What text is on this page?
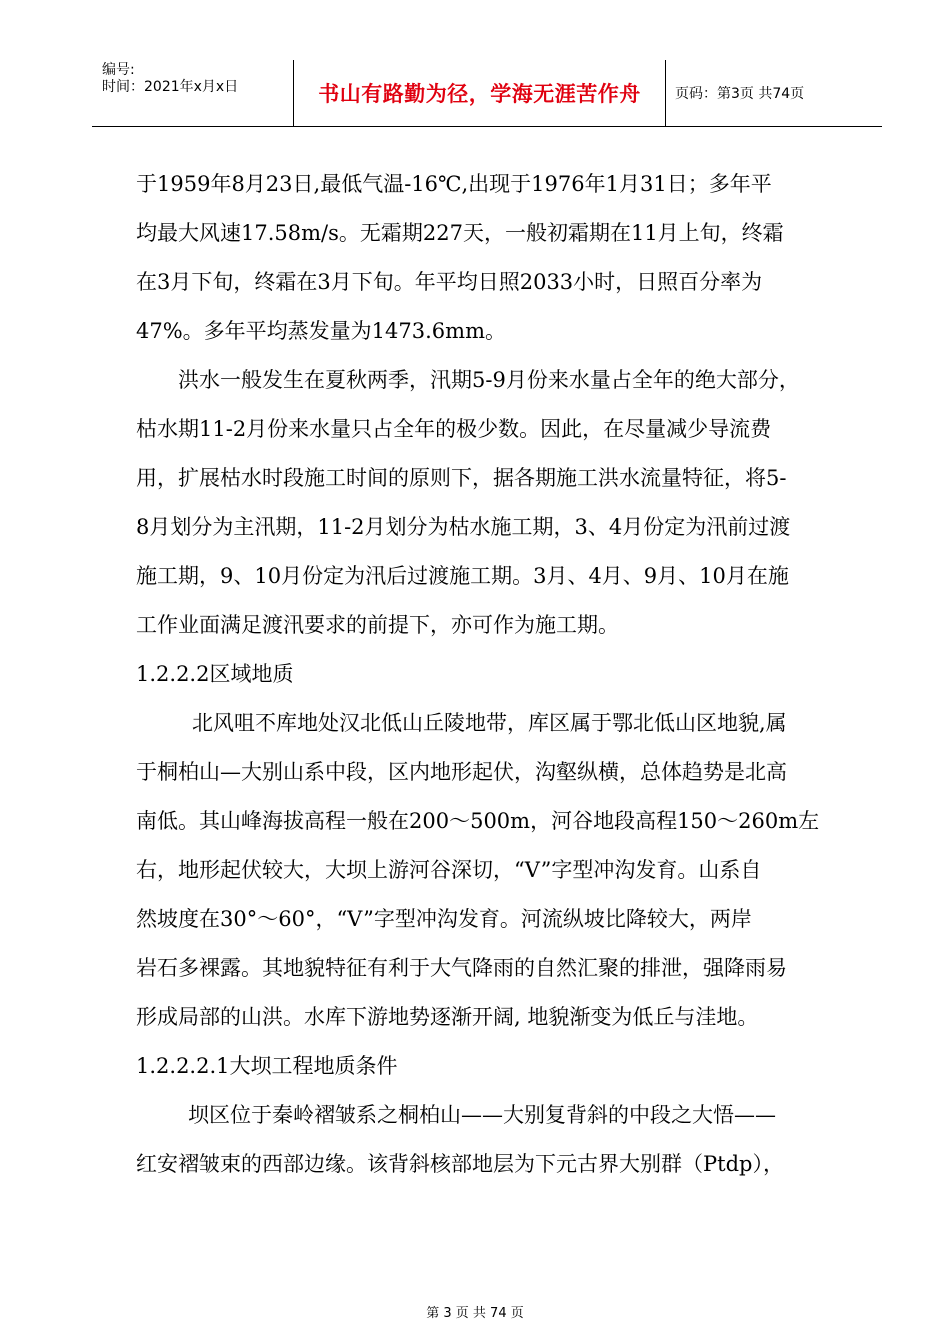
编号:
时间：2021年x月x日	书山有路勤为径，学海无涯苦作舟	页码：第3页 共74页
于1959年8月23日,最低气温-16℃,出现于1976年1月31日；多年平
均最大风速17.58m/s。无霜期227天，一般初霜期在11月上旬，终霜
在3月下旬，终霜在3月下旬。年平均日照2033小时，日照百分率为
47%。多年平均蒸发量为1473.6mm。
洪水一般发生在夏秋两季，汛期5-9月份来水量占全年的绝大部分，
枯水期11-2月份来水量只占全年的极少数。因此，在尽量减少导流费
用，扩展枯水时段施工时间的原则下，据各期施工洪水流量特征，将5-
8月划分为主汛期，11-2月划分为枯水施工期，3、4月份定为汛前过渡
施工期，9、10月份定为汛后过渡施工期。3月、4月、9月、10月在施
工作业面满足渡汛要求的前提下，亦可作为施工期。
1.2.2.2区域地质
北风咀不库地处汉北低山丘陵地带，库区属于鄂北低山区地貌,属
于桐柏山—大别山系中段，区内地形起伏，沟壑纵横，总体趋势是北高
南低。其山峰海拔高程一般在200～500m，河谷地段高程150～260m左
右，地形起伏较大，大坝上游河谷深切，“V”字型冲沟发育。山系自
然坡度在30°～60°，“V”字型冲沟发育。河流纵坡比降较大，两岸
岩石多裸露。其地貌特征有利于大气降雨的自然汇聚的排泄，强降雨易
形成局部的山洪。水库下游地势逐渐开阔, 地貌渐变为低丘与洼地。
1.2.2.2.1大坝工程地质条件
坝区位于秦岭褶皱系之桐柏山——大别复背斜的中段之大悟——
红安褶皱束的西部边缘。该背斜核部地层为下元古界大别群（Ptdp），
第 3 页 共 74 页
